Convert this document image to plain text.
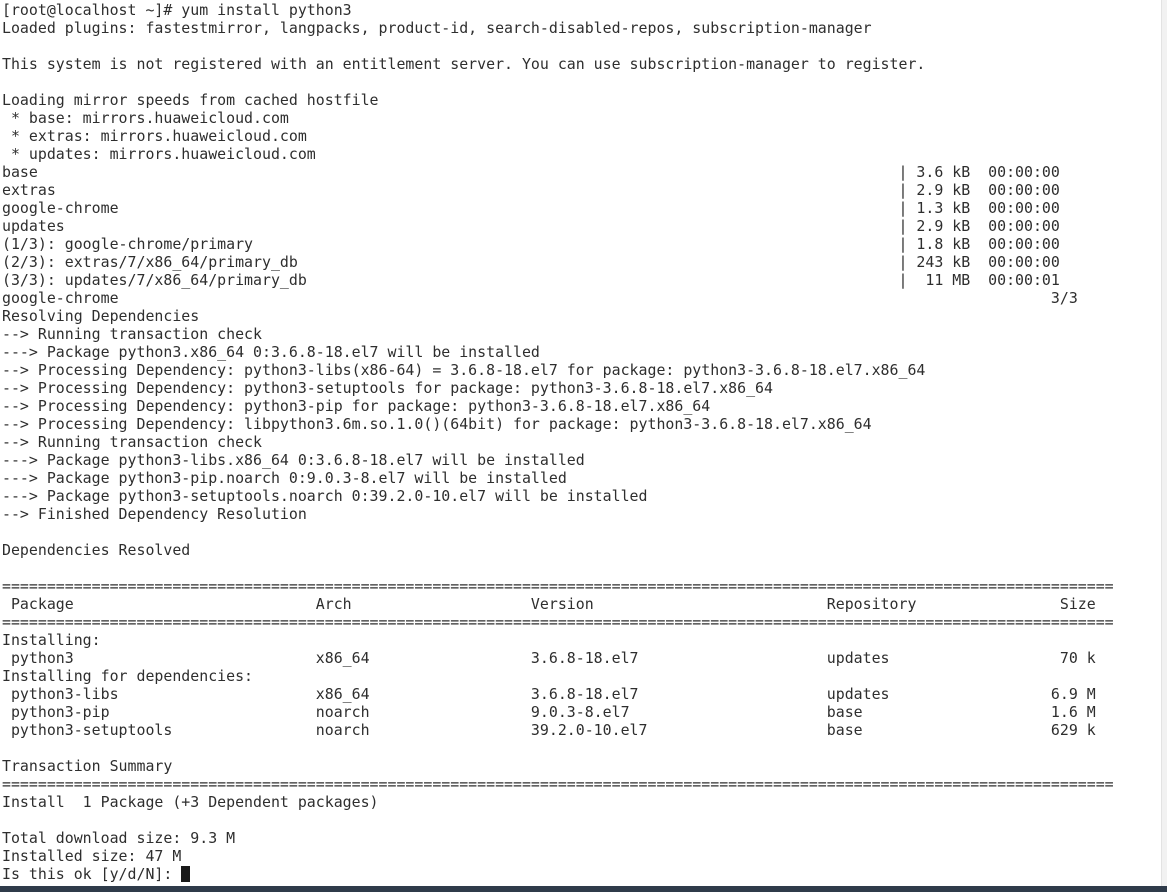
[root@localhost ~]# yum install python3
Loaded plugins: fastestmirror, langpacks, product-id, search-disabled-repos, subscription-manager
This system is not registered with an entitlement server. You can use subscription-manager to register.
Loading mirror speeds from cached hostfile
* base: mirrors.huaweicloud.com
* extras: mirrors.huaweicloud.com
* updates: mirrors.huaweicloud.com
base                                                                                                | 3.6 kB  00:00:00
extras                                                                                              | 2.9 kB  00:00:00
google-chrome                                                                                       | 1.3 kB  00:00:00
updates                                                                                             | 2.9 kB  00:00:00
(1/3): google-chrome/primary                                                                        | 1.8 kB  00:00:00
(2/3): extras/7/x86_64/primary_db                                                                   | 243 kB  00:00:00
(3/3): updates/7/x86_64/primary_db                                                                  |  11 MB  00:00:01
google-chrome                                                                                                        3/3
Resolving Dependencies
--> Running transaction check
---> Package python3.x86_64 0:3.6.8-18.el7 will be installed
--> Processing Dependency: python3-libs(x86-64) = 3.6.8-18.el7 for package: python3-3.6.8-18.el7.x86_64
--> Processing Dependency: python3-setuptools for package: python3-3.6.8-18.el7.x86_64
--> Processing Dependency: python3-pip for package: python3-3.6.8-18.el7.x86_64
--> Processing Dependency: libpython3.6m.so.1.0()(64bit) for package: python3-3.6.8-18.el7.x86_64
--> Running transaction check
---> Package python3-libs.x86_64 0:3.6.8-18.el7 will be installed
---> Package python3-pip.noarch 0:9.0.3-8.el7 will be installed
---> Package python3-setuptools.noarch 0:39.2.0-10.el7 will be installed
--> Finished Dependency Resolution
Dependencies Resolved
============================================================================================================================
Package                           Arch                    Version                          Repository                Size
============================================================================================================================
Installing:
python3                           x86_64                  3.6.8-18.el7                     updates                   70 k
Installing for dependencies:
python3-libs                      x86_64                  3.6.8-18.el7                     updates                  6.9 M
python3-pip                       noarch                  9.0.3-8.el7                      base                     1.6 M
python3-setuptools                noarch                  39.2.0-10.el7                    base                     629 k
Transaction Summary
============================================================================================================================
Install  1 Package (+3 Dependent packages)
Total download size: 9.3 M
Installed size: 47 M
Is this ok [y/d/N]:
